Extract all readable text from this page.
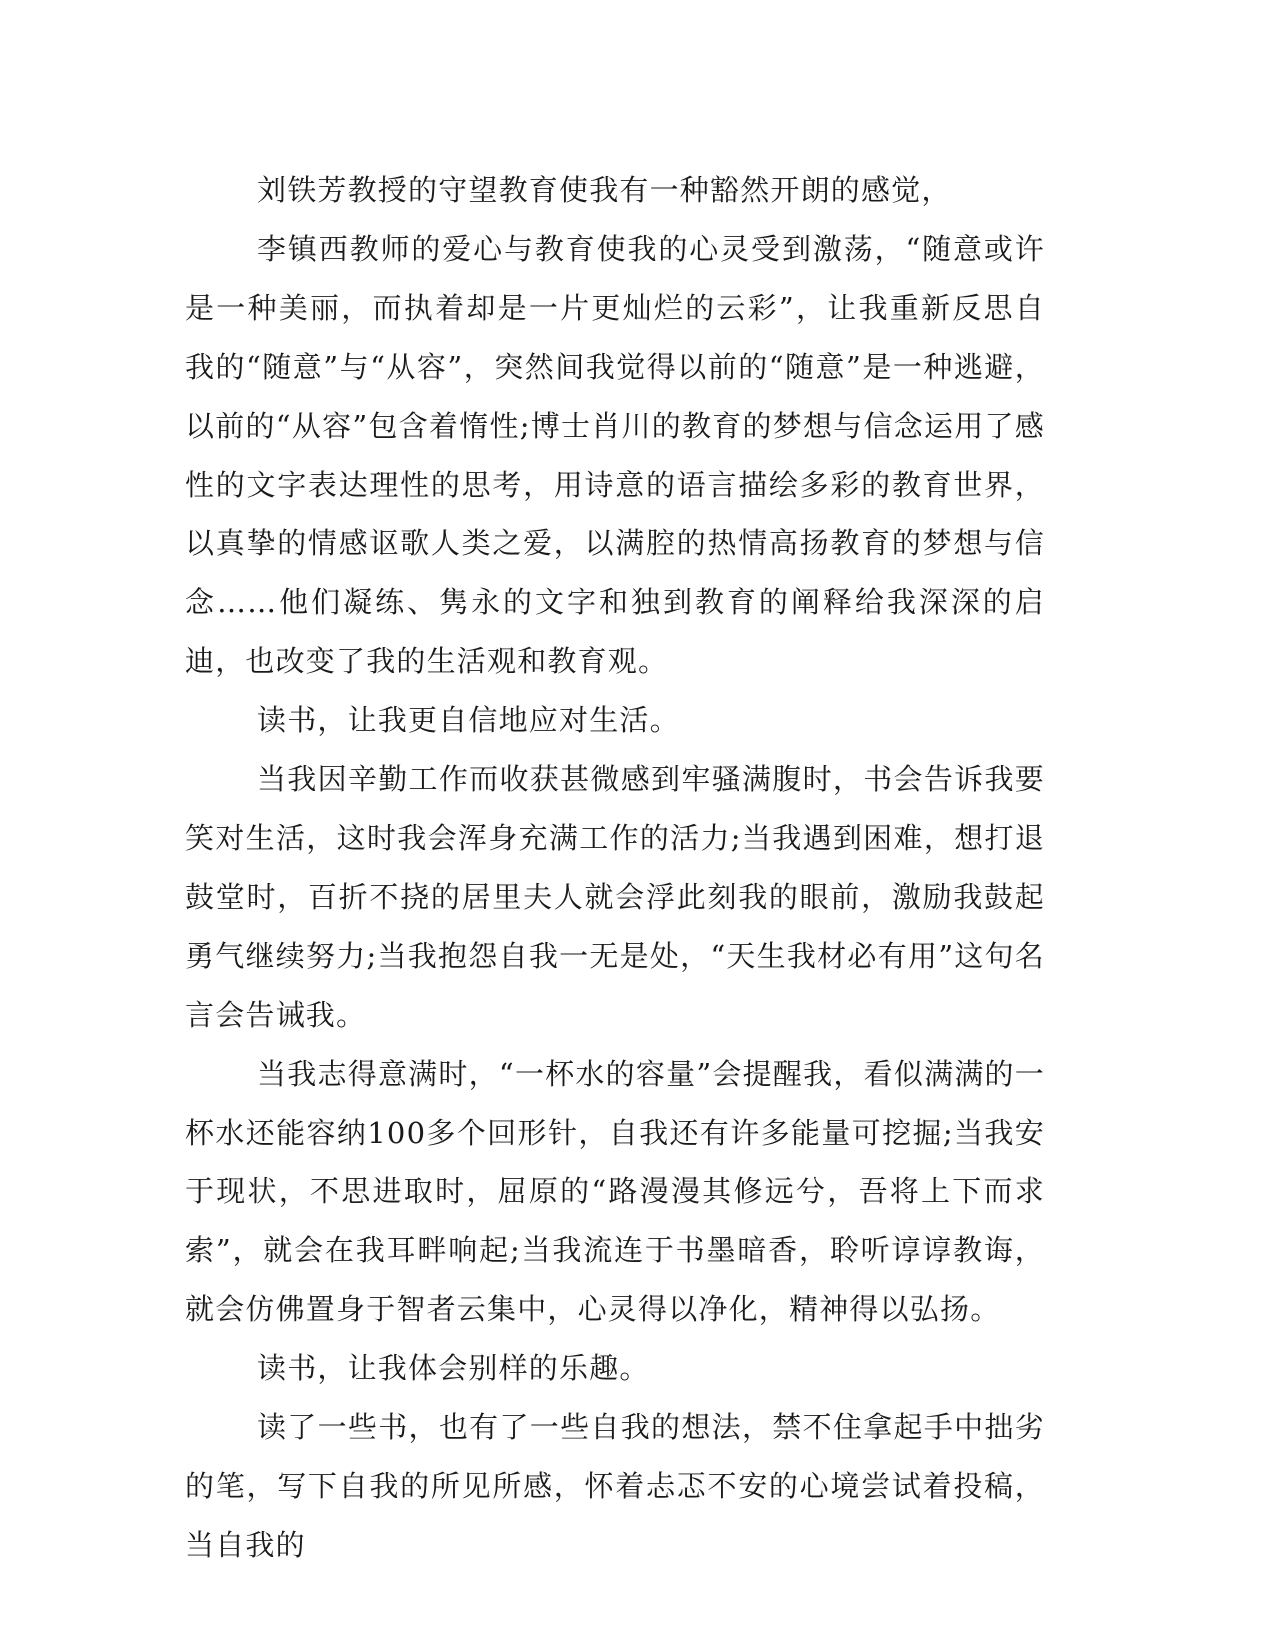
刘铁芳教授的守望教育使我有一种豁然开朗的感觉，

李镇西教师的爱心与教育使我的心灵受到激荡，“随意或许是一种美丽，而执着却是一片更灿烂的云彩”，让我重新反思自我的“随意”与“从容”，突然间我觉得以前的“随意”是一种逃避，以前的“从容”包含着惰性;博士肖川的教育的梦想与信念运用了感性的文字表达理性的思考，用诗意的语言描绘多彩的教育世界，以真挚的情感讴歌人类之爱，以满腔的热情高扬教育的梦想与信念……他们凝练、隽永的文字和独到教育的阐释给我深深的启迪，也改变了我的生活观和教育观。

读书，让我更自信地应对生活。

当我因辛勤工作而收获甚微感到牢骚满腹时，书会告诉我要笑对生活，这时我会浑身充满工作的活力;当我遇到困难，想打退鼓堂时，百折不挠的居里夫人就会浮此刻我的眼前，激励我鼓起勇气继续努力;当我抱怨自我一无是处，“天生我材必有用”这句名言会告诫我。

当我志得意满时，“一杯水的容量”会提醒我，看似满满的一杯水还能容纳100多个回形针，自我还有许多能量可挖掘;当我安于现状，不思进取时，屈原的“路漫漫其修远兮，吾将上下而求索”，就会在我耳畔响起;当我流连于书墨暗香，聆听谆谆教诲，就会仿佛置身于智者云集中，心灵得以净化，精神得以弘扬。

读书，让我体会别样的乐趣。

读了一些书，也有了一些自我的想法，禁不住拿起手中拙劣的笔，写下自我的所见所感，怀着忐忑不安的心境尝试着投稿，当自我的
